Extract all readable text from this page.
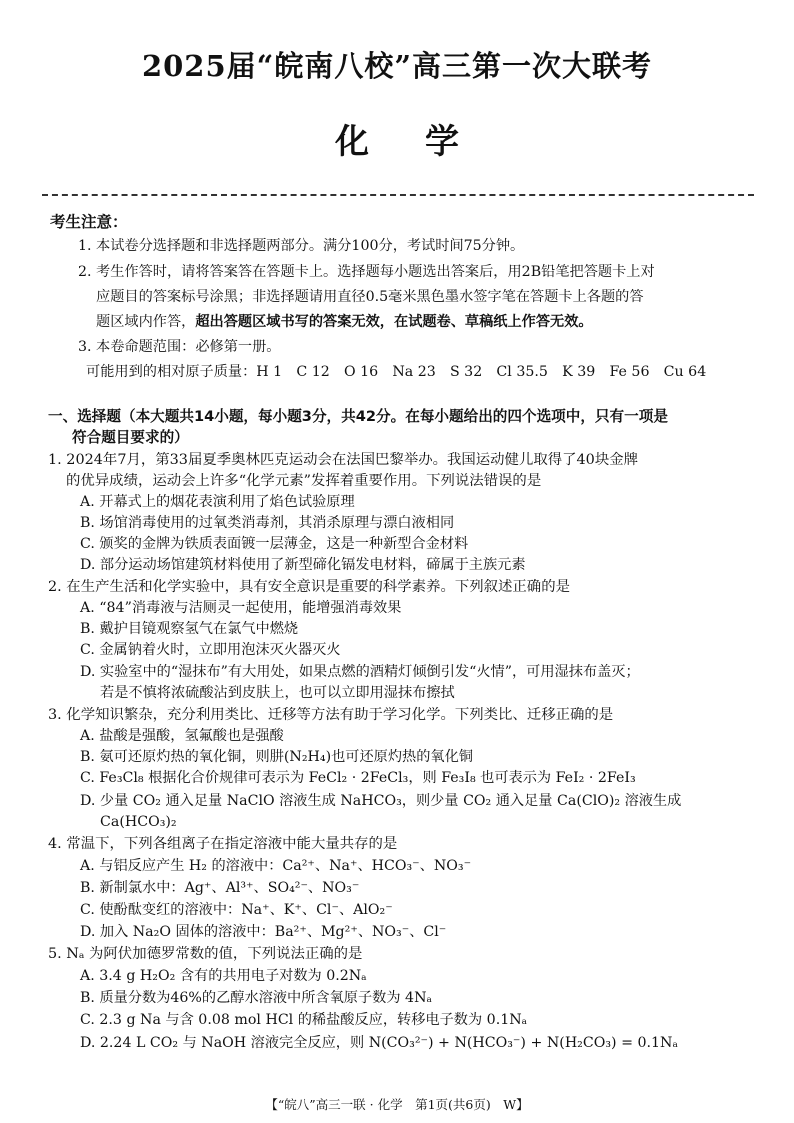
2025届“皖南八校”高三第一次大联考
化学
考生注意：
1. 本试卷分选择题和非选择题两部分。满分100分，考试时间75分钟。
2. 考生作答时，请将答案答在答题卡上。选择题每小题选出答案后，用2B铅笔把答题卡上对
应题目的答案标号涂黑；非选择题请用直径0.5毫米黑色墨水签字笔在答题卡上各题的答
题区域内作答，超出答题区域书写的答案无效，在试题卷、草稿纸上作答无效。
3. 本卷命题范围：必修第一册。
可能用到的相对原子质量：H 1　C 12　O 16　Na 23　S 32　Cl 35.5　K 39　Fe 56　Cu 64
一、选择题（本大题共14小题，每小题3分，共42分。在每小题给出的四个选项中，只有一项是
符合题目要求的）
1. 2024年7月，第33届夏季奥林匹克运动会在法国巴黎举办。我国运动健儿取得了40块金牌
的优异成绩，运动会上许多“化学元素”发挥着重要作用。下列说法错误的是
A. 开幕式上的烟花表演利用了焰色试验原理
B. 场馆消毒使用的过氧类消毒剂，其消杀原理与漂白液相同
C. 颁奖的金牌为铁质表面镀一层薄金，这是一种新型合金材料
D. 部分运动场馆建筑材料使用了新型碲化镉发电材料，碲属于主族元素
2. 在生产生活和化学实验中，具有安全意识是重要的科学素养。下列叙述正确的是
A. “84”消毒液与洁厕灵一起使用，能增强消毒效果
B. 戴护目镜观察氢气在氯气中燃烧
C. 金属钠着火时，立即用泡沫灭火器灭火
D. 实验室中的“湿抹布”有大用处，如果点燃的酒精灯倾倒引发“火情”，可用湿抹布盖灭；
若是不慎将浓硫酸沾到皮肤上，也可以立即用湿抹布擦拭
3. 化学知识繁杂，充分利用类比、迁移等方法有助于学习化学。下列类比、迁移正确的是
A. 盐酸是强酸，氢氟酸也是强酸
B. 氨可还原灼热的氧化铜，则肼(N₂H₄)也可还原灼热的氧化铜
C. Fe₃Cl₈ 根据化合价规律可表示为 FeCl₂ · 2FeCl₃，则 Fe₃I₈ 也可表示为 FeI₂ · 2FeI₃
D. 少量 CO₂ 通入足量 NaClO 溶液生成 NaHCO₃，则少量 CO₂ 通入足量 Ca(ClO)₂ 溶液生成
Ca(HCO₃)₂
4. 常温下，下列各组离子在指定溶液中能大量共存的是
A. 与铝反应产生 H₂ 的溶液中：Ca²⁺、Na⁺、HCO₃⁻、NO₃⁻
B. 新制氯水中：Ag⁺、Al³⁺、SO₄²⁻、NO₃⁻
C. 使酚酞变红的溶液中：Na⁺、K⁺、Cl⁻、AlO₂⁻
D. 加入 Na₂O 固体的溶液中：Ba²⁺、Mg²⁺、NO₃⁻、Cl⁻
5. Nₐ 为阿伏加德罗常数的值，下列说法正确的是
A. 3.4 g H₂O₂ 含有的共用电子对数为 0.2Nₐ
B. 质量分数为46%的乙醇水溶液中所含氧原子数为 4Nₐ
C. 2.3 g Na 与含 0.08 mol HCl 的稀盐酸反应，转移电子数为 0.1Nₐ
D. 2.24 L CO₂ 与 NaOH 溶液完全反应，则 N(CO₃²⁻) + N(HCO₃⁻) + N(H₂CO₃) = 0.1Nₐ
【“皖八”高三一联 · 化学　第1页(共6页)　W】
